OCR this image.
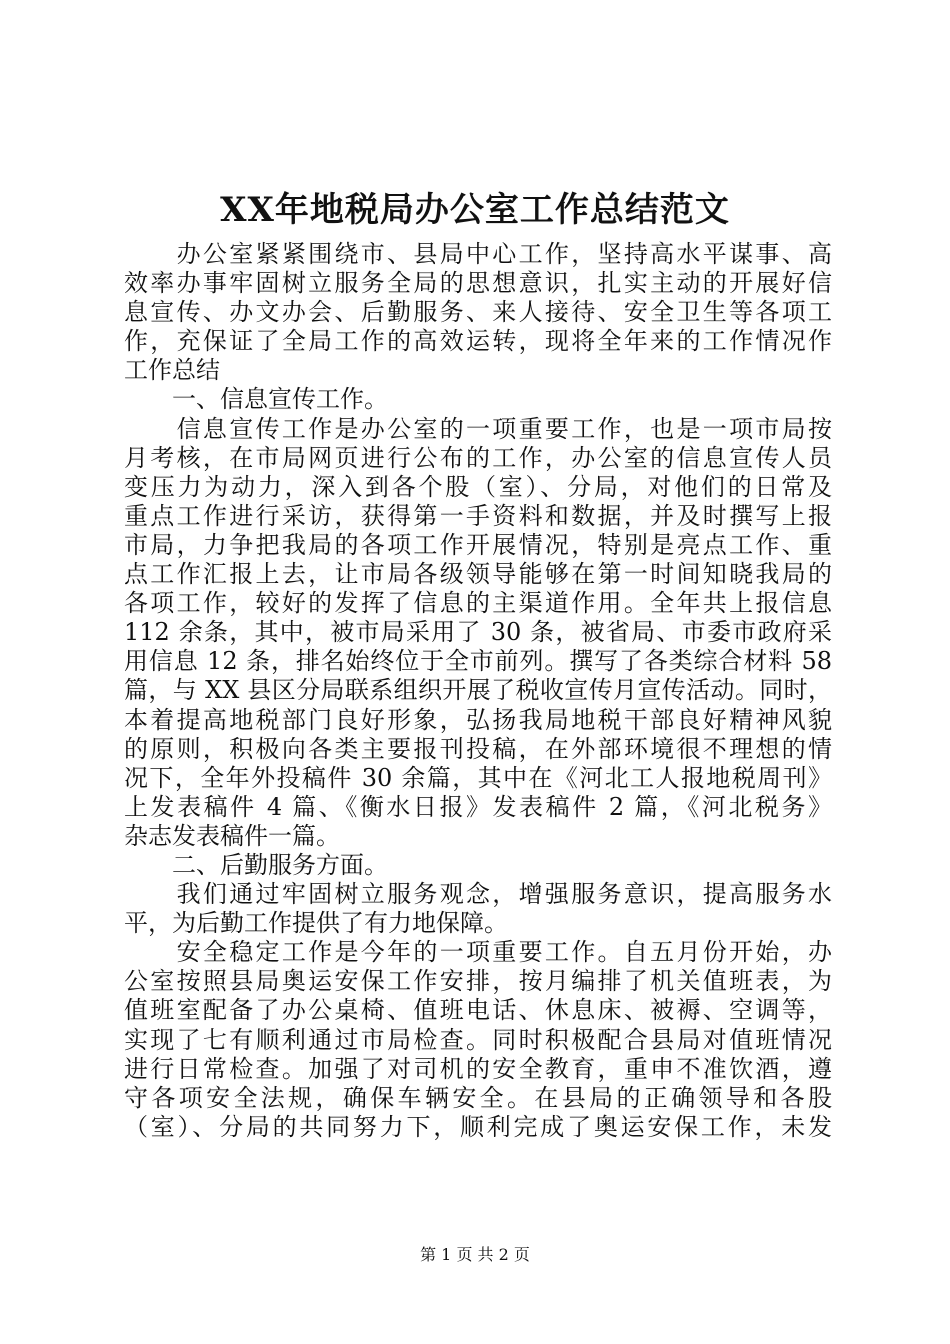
XX年地税局办公室工作总结范文
　　办公室紧紧围绕市、县局中心工作，坚持高水平谋事、高
效率办事牢固树立服务全局的思想意识，扎实主动的开展好信
息宣传、办文办会、后勤服务、来人接待、安全卫生等各项工
作，充保证了全局工作的高效运转，现将全年来的工作情况作
工作总结
　　一、信息宣传工作。
　　信息宣传工作是办公室的一项重要工作，也是一项市局按
月考核，在市局网页进行公布的工作，办公室的信息宣传人员
变压力为动力，深入到各个股（室）、分局，对他们的日常及
重点工作进行采访，获得第一手资料和数据，并及时撰写上报
市局，力争把我局的各项工作开展情况，特别是亮点工作、重
点工作汇报上去，让市局各级领导能够在第一时间知晓我局的
各项工作，较好的发挥了信息的主渠道作用。全年共上报信息
112 余条，其中，被市局采用了 30 条，被省局、市委市政府采
用信息 12 条，排名始终位于全市前列。撰写了各类综合材料 58
篇，与 XX 县区分局联系组织开展了税收宣传月宣传活动。同时，
本着提高地税部门良好形象，弘扬我局地税干部良好精神风貌
的原则，积极向各类主要报刊投稿，在外部环境很不理想的情
况下，全年外投稿件 30 余篇，其中在《河北工人报地税周刊》
上发表稿件 4 篇、《衡水日报》发表稿件 2 篇，《河北税务》
杂志发表稿件一篇。
　　二、后勤服务方面。
　　我们通过牢固树立服务观念，增强服务意识，提高服务水
平，为后勤工作提供了有力地保障。
　　安全稳定工作是今年的一项重要工作。自五月份开始，办
公室按照县局奥运安保工作安排，按月编排了机关值班表，为
值班室配备了办公桌椅、值班电话、休息床、被褥、空调等，
实现了七有顺利通过市局检查。同时积极配合县局对值班情况
进行日常检查。加强了对司机的安全教育，重申不准饮酒，遵
守各项安全法规，确保车辆安全。在县局的正确领导和各股
（室）、分局的共同努力下，顺利完成了奥运安保工作，未发
第 1 页 共 2 页
